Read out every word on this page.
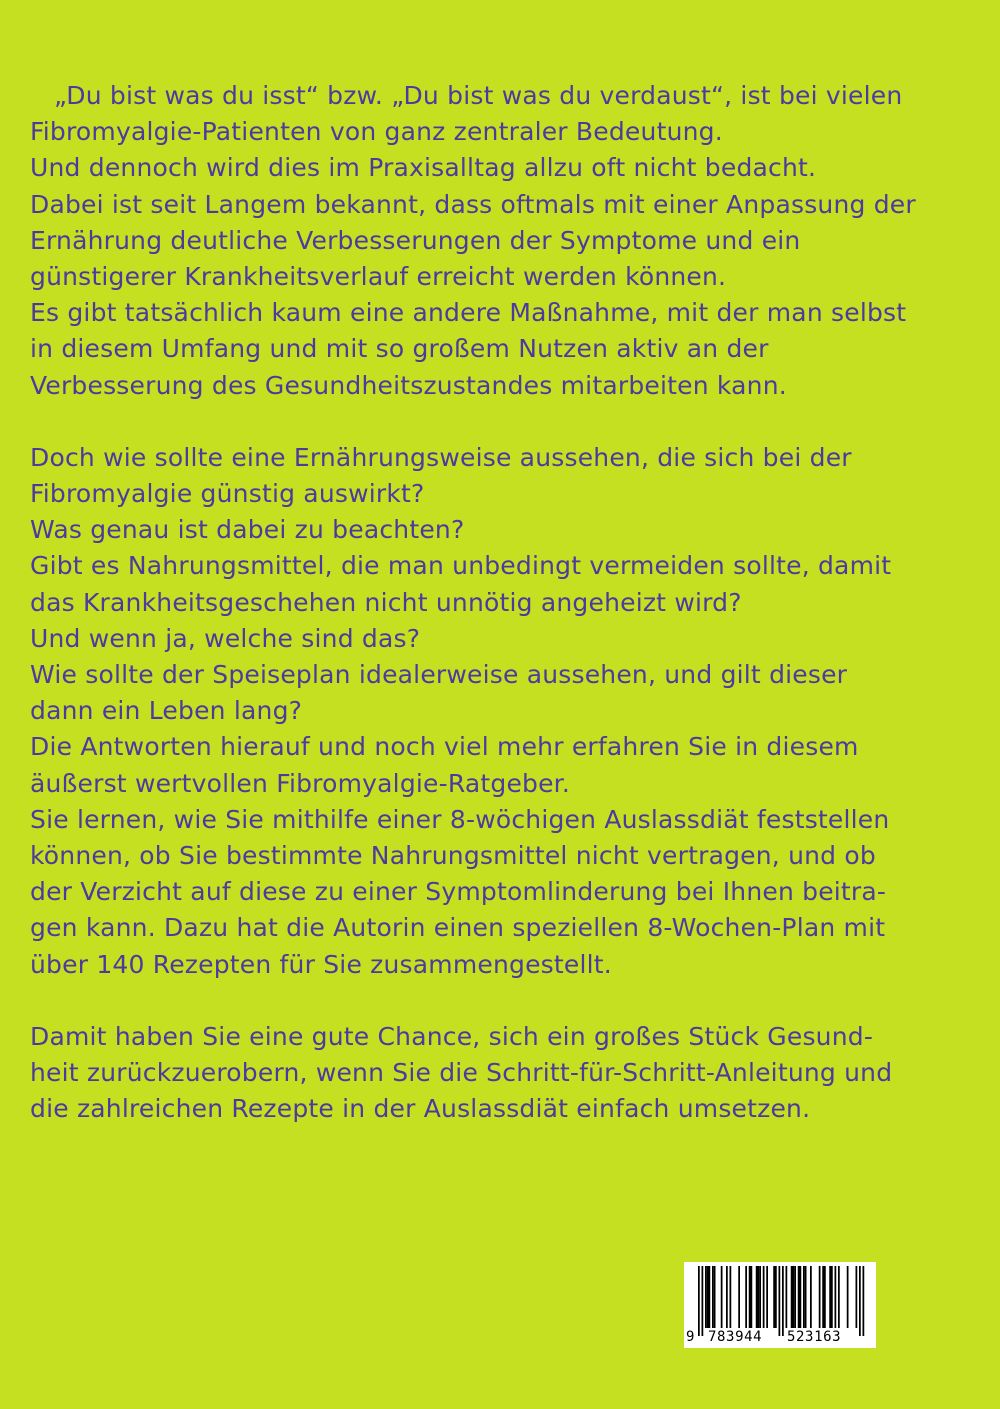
„Du bist was du isst“ bzw. „Du bist was du verdaust“, ist bei vielen
Fibromyalgie-Patienten von ganz zentraler Bedeutung.
Und dennoch wird dies im Praxisalltag allzu oft nicht bedacht.
Dabei ist seit Langem bekannt, dass oftmals mit einer Anpassung der
Ernährung deutliche Verbesserungen der Symptome und ein
günstigerer Krankheitsverlauf erreicht werden können.
Es gibt tatsächlich kaum eine andere Maßnahme, mit der man selbst
in diesem Umfang und mit so großem Nutzen aktiv an der
Verbesserung des Gesundheitszustandes mitarbeiten kann.
Doch wie sollte eine Ernährungsweise aussehen, die sich bei der
Fibromyalgie günstig auswirkt?
Was genau ist dabei zu beachten?
Gibt es Nahrungsmittel, die man unbedingt vermeiden sollte, damit
das Krankheitsgeschehen nicht unnötig angeheizt wird?
Und wenn ja, welche sind das?
Wie sollte der Speiseplan idealerweise aussehen, und gilt dieser
dann ein Leben lang?
Die Antworten hierauf und noch viel mehr erfahren Sie in diesem
äußerst wertvollen Fibromyalgie-Ratgeber.
Sie lernen, wie Sie mithilfe einer 8-wöchigen Auslassdiät feststellen
können, ob Sie bestimmte Nahrungsmittel nicht vertragen, und ob
der Verzicht auf diese zu einer Symptomlinderung bei Ihnen beitra-
gen kann. Dazu hat die Autorin einen speziellen 8-Wochen-Plan mit
über 140 Rezepten für Sie zusammengestellt.
Damit haben Sie eine gute Chance, sich ein großes Stück Gesund-
heit zurückzuerobern, wenn Sie die Schritt-für-Schritt-Anleitung und
die zahlreichen Rezepte in der Auslassdiät einfach umsetzen.
9 783944 523163
